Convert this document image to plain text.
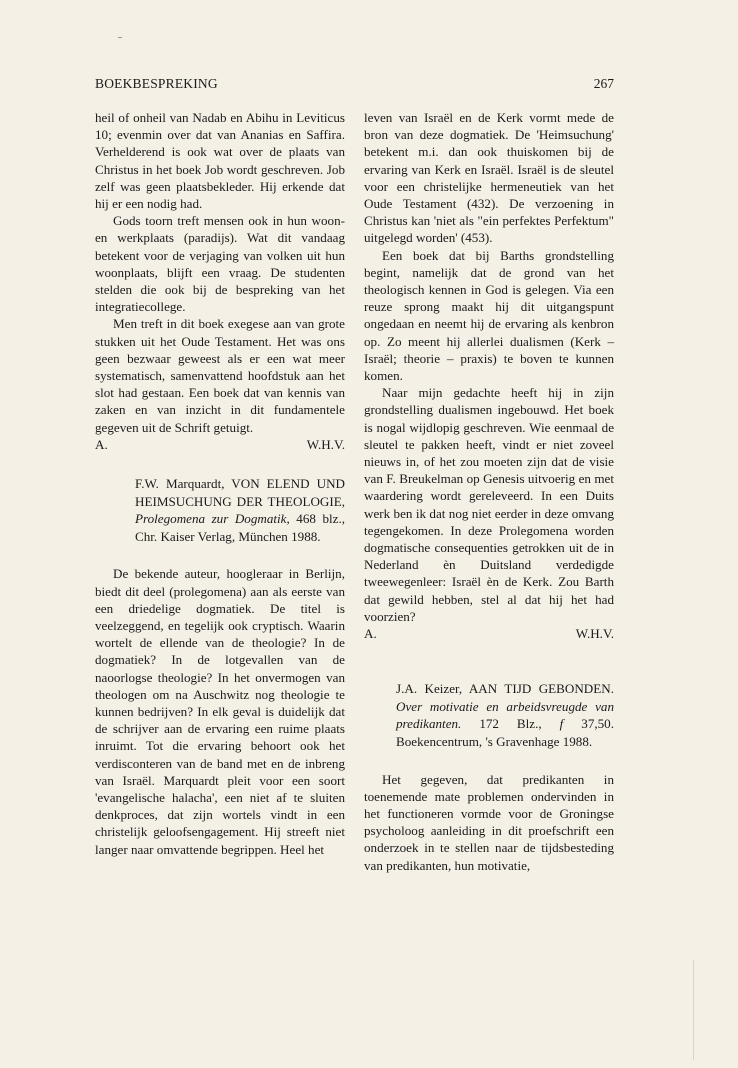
BOEKBESPREKING	267

heil of onheil van Nadab en Abihu in Leviticus 10; evenmin over dat van Ananias en Saffira. Verhelderend is ook wat over de plaats van Christus in het boek Job wordt geschreven. Job zelf was geen plaatsbekleder. Hij erkende dat hij er een nodig had.

Gods toorn treft mensen ook in hun woon- en werkplaats (paradijs). Wat dit vandaag betekent voor de verjaging van volken uit hun woonplaats, blijft een vraag. De studenten stelden die ook bij de bespreking van het integratiecollege.

Men treft in dit boek exegese aan van grote stukken uit het Oude Testament. Het was ons geen bezwaar geweest als er een wat meer systematisch, samenvattend hoofdstuk aan het slot had gestaan. Een boek dat van kennis van zaken en van inzicht in dit fundamentele gegeven uit de Schrift getuigt.

A.	W.H.V.
F.W. Marquardt, VON ELEND UND HEIMSUCHUNG DER THEOLOGIE, Prolegomena zur Dogmatik, 468 blz., Chr. Kaiser Verlag, München 1988.

De bekende auteur, hoogleraar in Berlijn, biedt dit deel (prolegomena) aan als eerste van een driedelige dogmatiek. De titel is veelzeggend, en tegelijk ook cryptisch. Waarin wortelt de ellende van de theologie? In de dogmatiek? In de lotgevallen van de naoorlogse theologie? In het onvermogen van theologen om na Auschwitz nog theologie te kunnen bedrijven? In elk geval is duidelijk dat de schrijver aan de ervaring een ruime plaats inruimt. Tot die ervaring behoort ook het verdisconteren van de band met en de inbreng van Israël. Marquardt pleit voor een soort 'evangelische halacha', een niet af te sluiten denkproces, dat zijn wortels vindt in een christelijk geloofsengagement. Hij streeft niet langer naar omvattende begrippen. Heel het

leven van Israël en de Kerk vormt mede de bron van deze dogmatiek. De 'Heimsuchung' betekent m.i. dan ook thuiskomen bij de ervaring van Kerk en Israël. Israël is de sleutel voor een christelijke hermeneutiek van het Oude Testament (432). De verzoening in Christus kan 'niet als "ein perfektes Perfektum" uitgelegd worden' (453).

Een boek dat bij Barths grondstelling begint, namelijk dat de grond van het theologisch kennen in God is gelegen. Via een reuze sprong maakt hij dit uitgangspunt ongedaan en neemt hij de ervaring als kenbron op. Zo meent hij allerlei dualismen (Kerk – Israël; theorie – praxis) te boven te kunnen komen.

Naar mijn gedachte heeft hij in zijn grondstelling dualismen ingebouwd. Het boek is nogal wijdlopig geschreven. Wie eenmaal de sleutel te pakken heeft, vindt er niet zoveel nieuws in, of het zou moeten zijn dat de visie van F. Breukelman op Genesis uitvoerig en met waardering wordt gereleveerd. In een Duits werk ben ik dat nog niet eerder in deze omvang tegengekomen. In deze Prolegomena worden dogmatische consequenties getrokken uit de in Nederland èn Duitsland verdedigde tweewegenleer: Israël èn de Kerk. Zou Barth dat gewild hebben, stel al dat hij het had voorzien?

A.	W.H.V.
J.A. Keizer, AAN TIJD GEBONDEN. Over motivatie en arbeidsvreugde van predikanten. 172 Blz., f 37,50. Boekencentrum, 's Gravenhage 1988.

Het gegeven, dat predikanten in toenemende mate problemen ondervinden in het functioneren vormde voor de Groningse psycholoog aanleiding in dit proefschrift een onderzoek in te stellen naar de tijdsbesteding van predikanten, hun motivatie,
